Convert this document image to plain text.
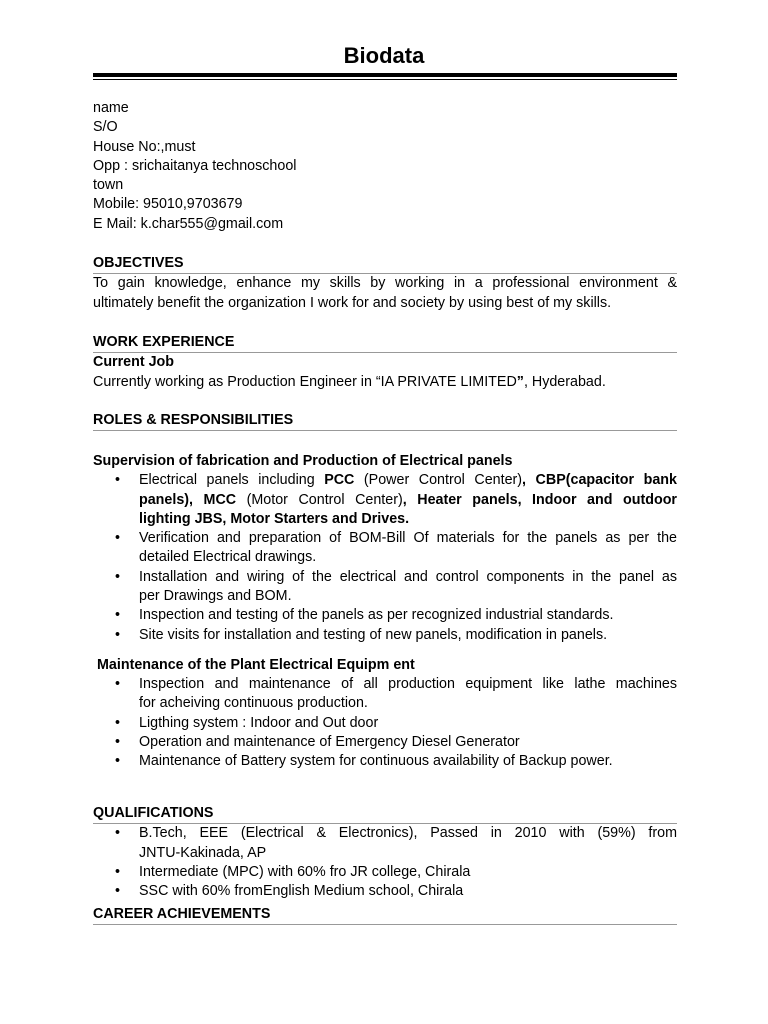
Biodata
name
S/O
House No:,must
Opp : srichaitanya technoschool
town
Mobile: 95010,9703679
E Mail: k.char555@gmail.com
OBJECTIVES
To gain knowledge, enhance my skills by working in a professional environment &
ultimately benefit the organization I work for and society by using best of my skills.
WORK EXPERIENCE
Current Job
Currently working as Production Engineer in “IA PRIVATE LIMITED”, Hyderabad.
ROLES & RESPONSIBILITIES
Supervision of fabrication and Production of Electrical panels
• Electrical panels including PCC (Power Control Center), CBP(capacitor bank
panels), MCC (Motor Control Center), Heater panels, Indoor and outdoor
lighting JBS, Motor Starters and Drives.
• Verification and preparation of BOM-Bill Of materials for the panels as per the
detailed Electrical drawings.
• Installation and wiring of the electrical and control components in the panel as
per Drawings and BOM.
• Inspection and testing of the panels as per recognized industrial standards.
• Site visits for installation and testing of new panels, modification in panels.
Maintenance of the Plant Electrical Equipm ent
• Inspection and maintenance of all production equipment like lathe machines
for acheiving continuous production.
• Ligthing system : Indoor and Out door
• Operation and maintenance of Emergency Diesel Generator
• Maintenance of Battery system for continuous availability of Backup power.
QUALIFICATIONS
• B.Tech, EEE (Electrical & Electronics), Passed in 2010 with (59%) from
JNTU-Kakinada, AP
• Intermediate (MPC) with 60% fro JR college, Chirala
• SSC with 60% fromEnglish Medium school, Chirala
CAREER ACHIEVEMENTS
